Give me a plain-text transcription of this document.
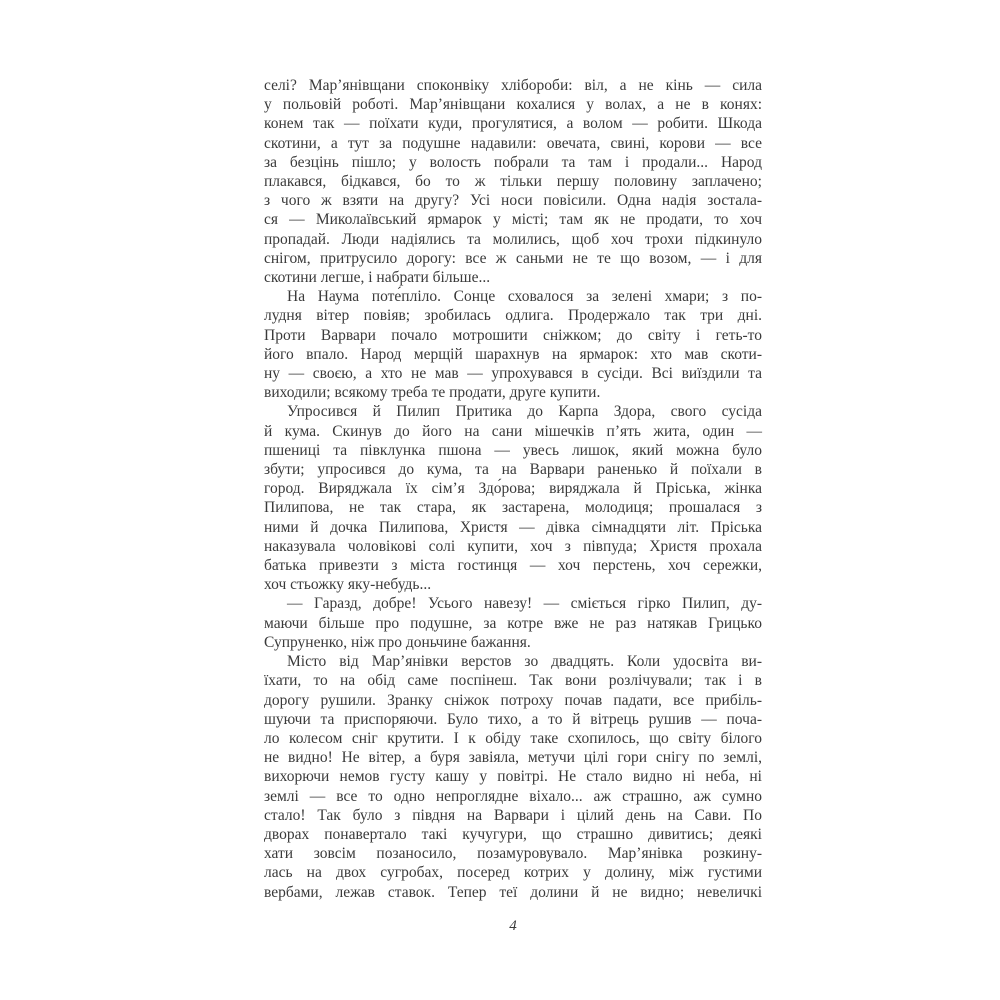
селі? Мар’янівщани споконвіку хлібороби: віл, а не кінь — сила
у польовій роботі. Мар’янівщани кохалися у волах, а не в конях:
конем так — поїхати куди, прогулятися, а волом — робити. Шкода
скотини, а тут за подушне надавили: овечата, свині, корови — все
за безцінь пішло; у волость побрали та там і продали... Народ
плакався, бідкався, бо то ж тільки першу половину заплачено;
з чого ж взяти на другу? Усі носи повісили. Одна надія зостала-
ся — Миколаївський ярмарок у місті; там як не продати, то хоч
пропадай. Люди надіялись та молились, щоб хоч трохи підкинуло
снігом, притрусило дорогу: все ж саньми не те що возом, — і для
скотини легше, і набрати більше...
На Наума поте́пліло. Сонце сховалося за зелені хмари; з по-
лудня вітер повіяв; зробилась одлига. Продержало так три дні.
Проти Варвари почало мотрошити сніжком; до світу і геть-то
його впало. Народ мерщій шарахнув на ярмарок: хто мав скоти-
ну — своєю, а хто не мав — упрохувався в сусіди. Всі виїздили та
виходили; всякому треба те продати, друге купити.
Упросився й Пилип Притика до Карпа Здора, свого сусіда
й кума. Скинув до його на сани мішечків п’ять жита, один —
пшениці та півклунка пшона — увесь лишок, який можна було
збути; упросився до кума, та на Варвари раненько й поїхали в
город. Виряджала їх сім’я Здо́рова; виряджала й Пріська, жінка
Пилипова, не так стара, як застарена, молодиця; прошалася з
ними й дочка Пилипова, Христя — дівка сімнадцяти літ. Пріська
наказувала чоловікові солі купити, хоч з півпуда; Христя прохала
батька привезти з міста гостинця — хоч перстень, хоч сережки,
хоч стьожку яку-небудь...
— Гаразд, добре! Усього навезу! — сміється гірко Пилип, ду-
маючи більше про подушне, за котре вже не раз натякав Грицько
Супруненко, ніж про доньчине бажання.
Місто від Мар’янівки верстов зо двадцять. Коли удосвіта ви-
їхати, то на обід саме поспінеш. Так вони розлічували; так і в
дорогу рушили. Зранку сніжок потроху почав падати, все прибіль-
шуючи та приспоряючи. Було тихо, а то й вітрець рушив — поча-
ло колесом сніг крутити. І к обіду таке схопилось, що світу білого
не видно! Не вітер, а буря завіяла, метучи цілі гори снігу по землі,
вихорючи немов густу кашу у повітрі. Не стало видно ні неба, ні
землі — все то одно непроглядне віхало... аж страшно, аж сумно
стало! Так було з півдня на Варвари і цілий день на Сави. По
дворах понавертало такі кучугури, що страшно дивитись; деякі
хати зовсім позаносило, позамуровувало. Мар’янівка розкину-
лась на двох сугробах, посеред котрих у долину, між густими
вербами, лежав ставок. Тепер теї долини й не видно; невеличкі
4
